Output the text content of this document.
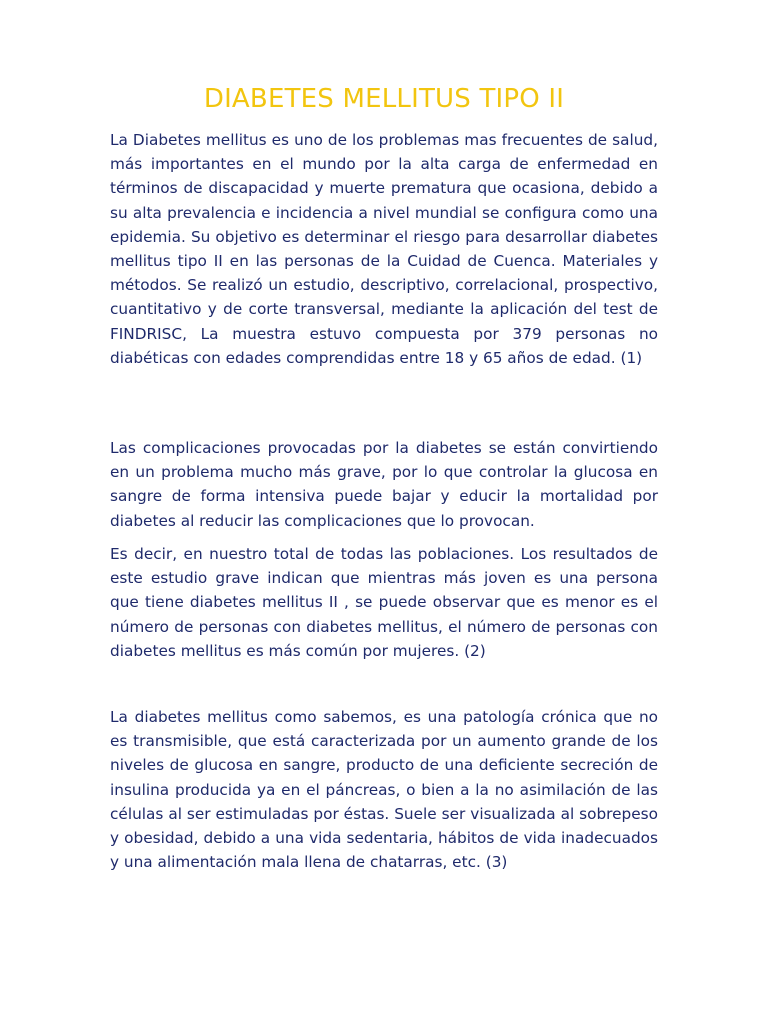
DIABETES MELLITUS TIPO II

La Diabetes mellitus es uno de los problemas mas frecuentes de salud, más importantes en el mundo por la alta carga de enfermedad en términos de discapacidad y muerte prematura que ocasiona, debido a su alta prevalencia e incidencia a nivel mundial se configura como una epidemia. Su objetivo es determinar el riesgo para desarrollar diabetes mellitus tipo II en las personas de la Cuidad de Cuenca. Materiales y métodos. Se realizó un estudio, descriptivo, correlacional, prospectivo, cuantitativo y de corte transversal, mediante la aplicación del test de FINDRISC, La muestra estuvo compuesta por 379 personas no diabéticas con edades comprendidas entre 18 y 65 años de edad. (1)

Las complicaciones provocadas por la diabetes se están convirtiendo en un problema mucho más grave, por lo que controlar la glucosa en sangre de forma intensiva puede bajar y educir la mortalidad por diabetes al reducir las complicaciones que lo provocan.

Es decir, en nuestro total de todas las poblaciones. Los resultados de este estudio grave indican que mientras más joven es una persona que tiene diabetes mellitus II , se puede observar que es menor es el número de personas con diabetes mellitus, el número de personas con diabetes mellitus es más común por mujeres. (2)

La diabetes mellitus como sabemos, es una patología crónica que no es transmisible, que está caracterizada por un aumento grande de los niveles de glucosa en sangre, producto de una deficiente secreción de insulina producida ya en el páncreas, o bien a la no asimilación de las células al ser estimuladas por éstas. Suele ser visualizada al sobrepeso y obesidad, debido a una vida sedentaria, hábitos de vida inadecuados y una alimentación mala llena de chatarras, etc. (3)
